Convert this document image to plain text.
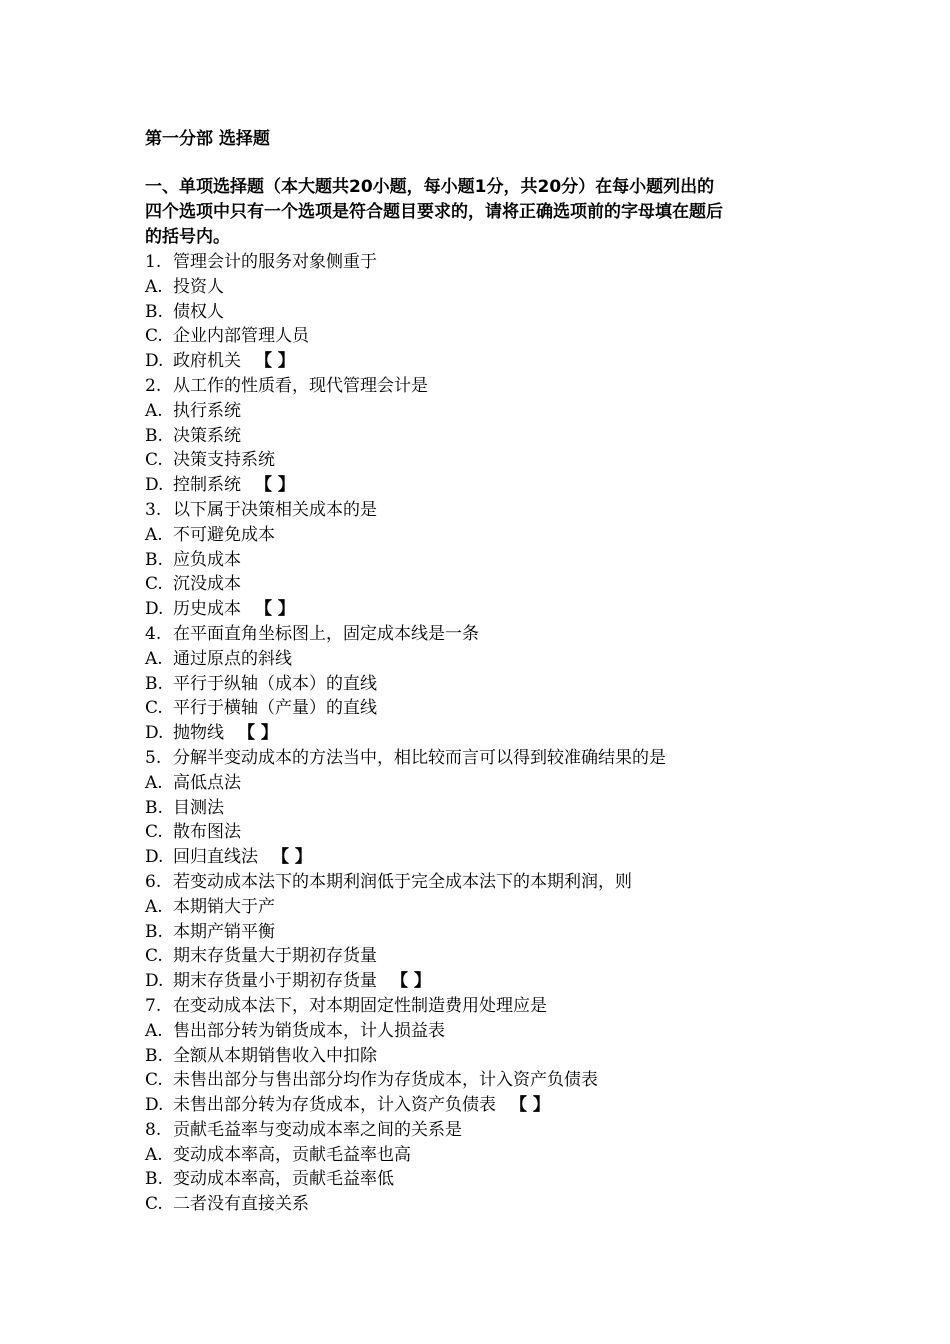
第一分部 选择题
一、单项选择题（本大题共20小题，每小题1分，共20分）在每小题列出的
四个选项中只有一个选项是符合题目要求的，请将正确选项前的字母填在题后
的括号内。
1. 管理会计的服务对象侧重于
A. 投资人
B. 债权人
C. 企业内部管理人员
D. 政府机关 【 】
2. 从工作的性质看，现代管理会计是
A. 执行系统
B. 决策系统
C. 决策支持系统
D. 控制系统 【 】
3. 以下属于决策相关成本的是
A. 不可避免成本
B. 应负成本
C. 沉没成本
D. 历史成本 【 】
4. 在平面直角坐标图上，固定成本线是一条
A. 通过原点的斜线
B. 平行于纵轴（成本）的直线
C. 平行于横轴（产量）的直线
D. 抛物线 【 】
5. 分解半变动成本的方法当中，相比较而言可以得到较准确结果的是
A. 高低点法
B. 目测法
C. 散布图法
D. 回归直线法 【 】
6. 若变动成本法下的本期利润低于完全成本法下的本期利润，则
A. 本期销大于产
B. 本期产销平衡
C. 期末存货量大于期初存货量
D. 期末存货量小于期初存货量 【 】
7. 在变动成本法下，对本期固定性制造费用处理应是
A. 售出部分转为销货成本，计人损益表
B. 全额从本期销售收入中扣除
C. 未售出部分与售出部分均作为存货成本，计入资产负债表
D. 未售出部分转为存货成本，计入资产负债表 【 】
8. 贡献毛益率与变动成本率之间的关系是
A. 变动成本率高，贡献毛益率也高
B. 变动成本率高，贡献毛益率低
C. 二者没有直接关系
